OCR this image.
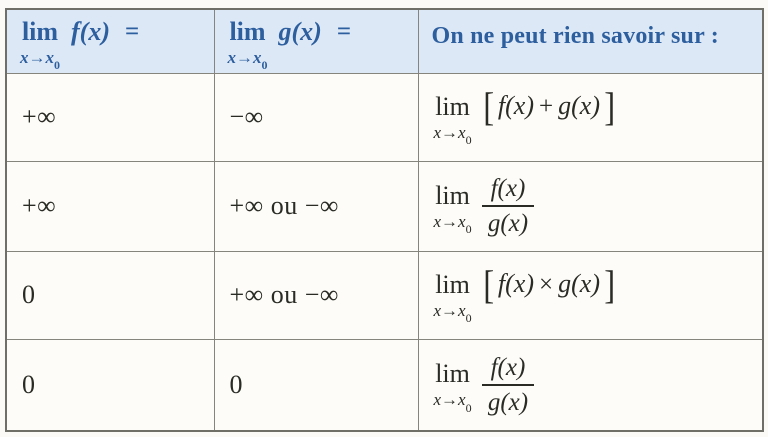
lim
$x\to x_0$
f(x) =	lim
$x\to x_0$
g(x) =	On ne peut rien savoir sur :
+∞	−∞	lim
$x\to x_0$
[ f(x) + g(x) ]

+∞	+∞ ou −∞	lim
$x\to x_0 \frac{f(x)}{g(x)}$

0	+∞ ou −∞	lim
$x\to x_0$
[ f(x) × g(x) ]

0	0	lim
$x\to x_0 \frac{f(x)}{g(x)}$
